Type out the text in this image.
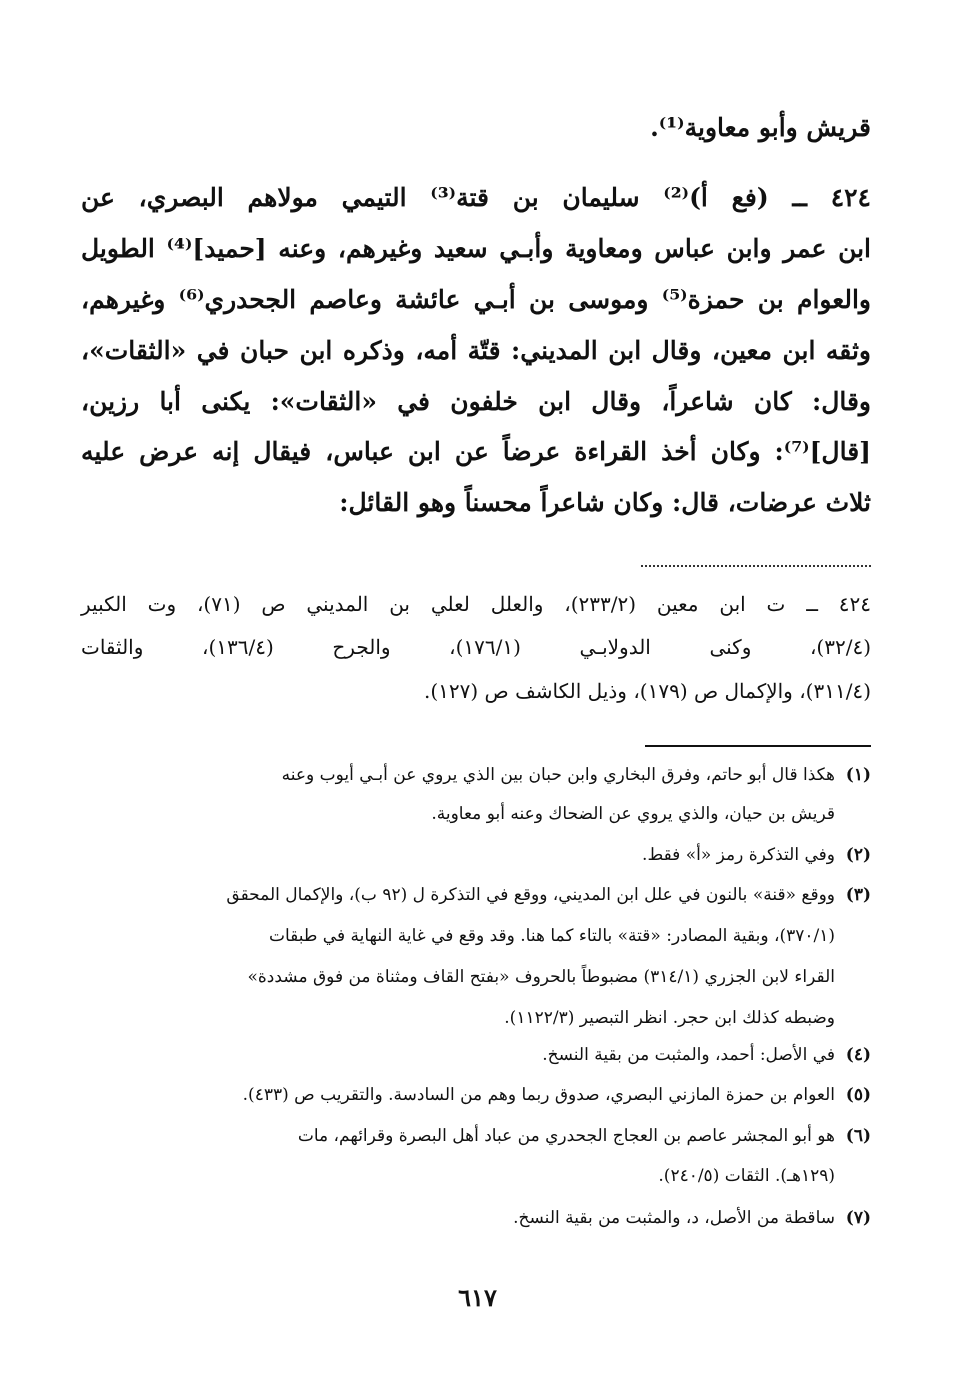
قريش وأبو معاوية⁽¹⁾.
٤٢٤ ــ (فع أ)⁽²⁾ سليمان بن قتة⁽³⁾ التيمي مولاهم البصري، عن
ابن عمر وابن عباس ومعاوية وأبـي سعيد وغيرهم، وعنه [حميد]⁽⁴⁾ الطويل
والعوام بن حمزة⁽⁵⁾ وموسى بن أبـي عائشة وعاصم الجحدري⁽⁶⁾ وغيرهم،
وثقه ابن معين، وقال ابن المديني: قتّة أمه، وذكره ابن حبان في «الثقات»،
وقال: كان شاعراً، وقال ابن خلفون في «الثقات»: يكنى أبا رزين،
[قال]⁽⁷⁾: وكان أخذ القراءة عرضاً عن ابن عباس، فيقال إنه عرض عليه
ثلاث عرضات، قال: وكان شاعراً محسناً وهو القائل:
٤٢٤ ــ ت ابن معين (٢٣٣/٢)، والعلل لعلي بن المديني ص (٧١)، وت الكبير
(٣٢/٤)، وكنى الدولابـي (١٧٦/١)، والجرح (١٣٦/٤)، والثقات
(٣١١/٤)، والإكمال ص (١٧٩)، وذيل الكاشف ص (١٢٧).
(١)هكذا قال أبو حاتم، وفرق البخاري وابن حبان بين الذي يروي عن أبـي أيوب وعنه
قريش بن حيان، والذي يروي عن الضحاك وعنه أبو معاوية.
(٢)وفي التذكرة رمز «أ» فقط.
(٣)ووقع «قنة» بالنون في علل ابن المديني، ووقع في التذكرة ل (٩٢ ب)، والإكمال المحقق
(٣٧٠/١)، وبقية المصادر: «قتة» بالتاء كما هنا. وقد وقع في غاية النهاية في طبقات
القراء لابن الجزري (٣١٤/١) مضبوطاً بالحروف «بفتح القاف ومثناة من فوق مشددة»
وضبطه كذلك ابن حجر. انظر التبصير (١١٢٢/٣).
(٤)في الأصل: أحمد، والمثبت من بقية النسخ.
(٥)العوام بن حمزة المازني البصري، صدوق ربما وهم من السادسة. والتقريب ص (٤٣٣).
(٦)هو أبو المجشر عاصم بن العجاج الجحدري من عباد أهل البصرة وقرائهم، مات
(١٢٩هـ). الثقات (٢٤٠/٥).
(٧)ساقطة من الأصل، د، والمثبت من بقية النسخ.
٦١٧
